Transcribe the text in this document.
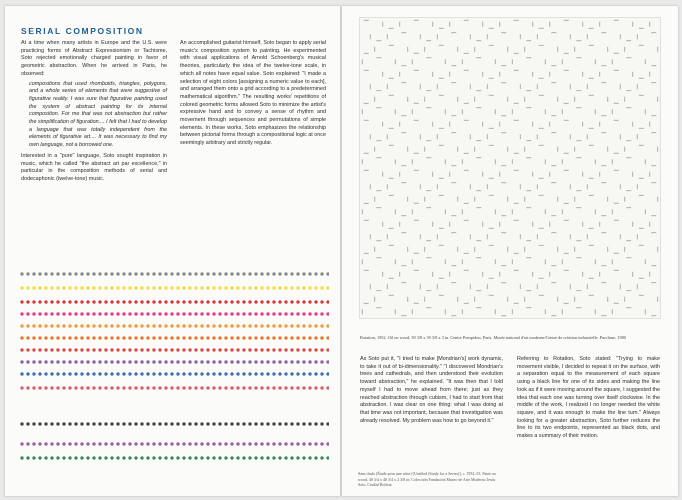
SERIAL COMPOSITION

At a time when many artists in Europe and the U.S. were practicing forms of Abstract Expressionism or Tachisme, Soto rejected emotionally charged painting in favor of geometric abstraction. When he arrived in Paris, he observed:

compositions that used rhomboids, triangles, polygons, and a whole series of elements that were suggestive of figurative reality. I was sure that figurative painting used the system of abstract painting for its internal composition. For me that was not abstraction but rather the simplification of figuration.... I felt that I had to develop a language that was totally independent from the elements of figurative art.... It was necessary to find my own language, not a borrowed one.

Interested in a "pure" language, Soto sought inspiration in music, which he called "the abstract art par excellence," in particular in the composition methods of serial and dodecaphonic (twelve-tone) music.

An accomplished guitarist himself, Soto began to apply serial music's composition system to painting. He experimented with visual applications of Arnold Schoenberg's musical theories, particularly the idea of the twelve-tone scale, in which all notes have equal value. Soto explained: "I made a selection of eight colors [assigning a numeric value to each], and arranged them onto a grid according to a predetermined mathematical algorithm." The resulting works' repetitions of colored geometric forms allowed Soto to minimize the artist's expressive hand and to convey a sense of rhythm and movement through sequences and permutations of simple elements. In these works, Soto emphasizes the relationship between pictorial forms through a compositional logic at once seemingly arbitrary and strictly regular.

Rotation, 1952. Oil on wood, 39 3/8 x 39 3/8 x 3 in. Centre Pompidou, Paris. Musée national d'art moderne/Centre de création industrielle. Purchase, 1980

As Soto put it, "I tried to make [Mondrian's] work dynamic, to take it out of bi-dimensionality." "I discovered Mondrian's trees and cathedrals, and then understood their evolution toward abstraction," he explained. "It was then that I told myself I had to move ahead from there; just as they reached abstraction through cubism, I had to start from that abstraction. I was clear on one thing: what I was doing at that time was not important, because that investigation was already resolved. My problem was how to go beyond it."

Referring to Rotation, Soto stated: "Trying to make movement visible, I decided to repeat it on the surface, with a separation equal to the measurement of each square using a black line for one of its sides and making the line look as if it were moving around the square, I suggested the idea that each one was turning over itself clockwise. In the middle of the work, I realized I no longer needed the white square, and it was enough to make the line turn." Always looking for a greater abstraction, Soto further reduces the line to its two endpoints, represented as black dots, and makes a summary of their motion.

Sans título (Étude pour une série) [Untitled (Study for a Series)], c. 1952–53. Paint on wood, 40 3/4 x 40 3/4 x 2 3/8 in. Colección Fundación Museo de Arte Moderno Jesús Soto, Ciudad Bolívar
